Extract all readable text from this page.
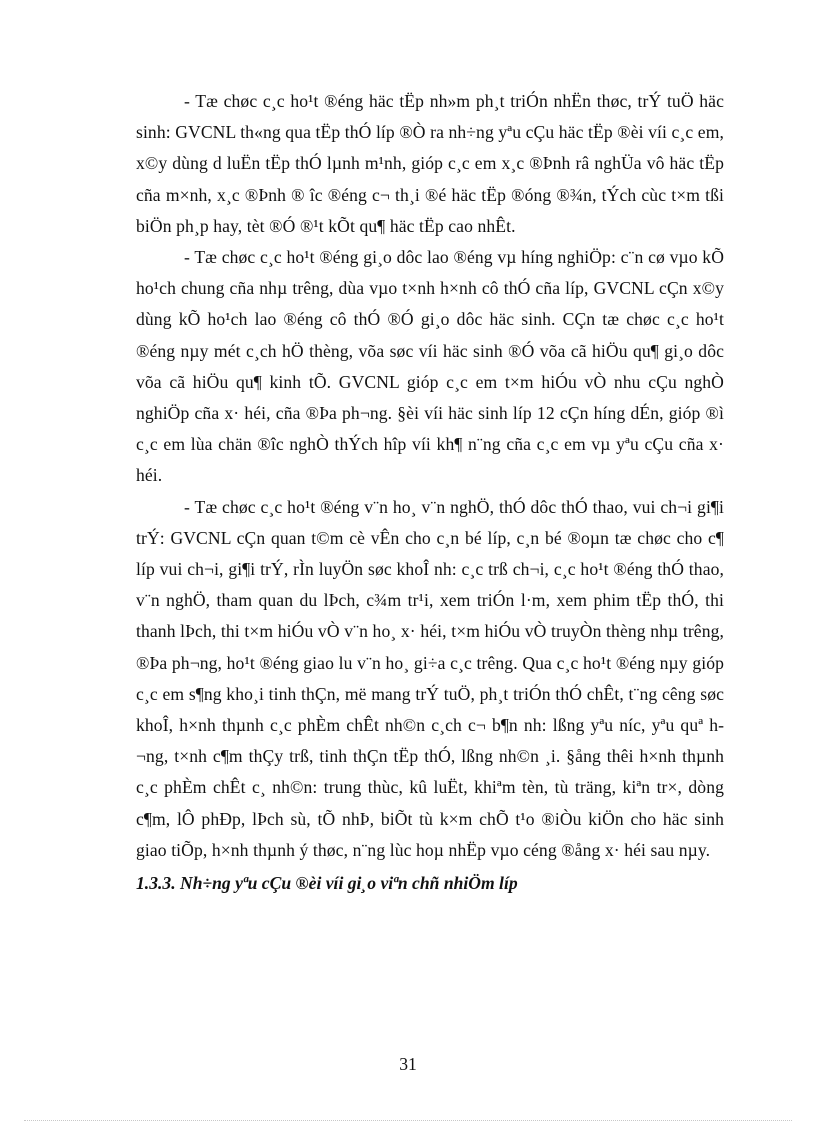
- Tæ chøc c¸c ho¹t ®éng häc tËp nh»m ph¸t triÓn nhËn thøc, trÝ tuÖ häc sinh: GVCNL th«ng qua tËp thÓ líp ®Ò ra nh÷ng yªu cÇu häc tËp ®èi víi c¸c em, x©y dùng d luËn tËp thÓ lµnh m¹nh, gióp c¸c em x¸c ®Þnh râ nghÜa vô häc tËp cña m×nh, x¸c ®Þnh ® îc ®éng c¬ th¸i ®é häc tËp ®óng ®¾n, tÝch cùc t×m tßi biÖn ph¸p hay, tèt ®Ó ®¹t kÕt qu¶ häc tËp cao nhÊt.

- Tæ chøc c¸c ho¹t ®éng gi¸o dôc lao ®éng vµ híng nghiÖp: c¨n cø vµo kÕ ho¹ch chung cña nhµ trêng, dùa vµo t×nh h×nh cô thÓ cña líp, GVCNL cÇn x©y dùng kÕ ho¹ch lao ®éng cô thÓ ®Ó gi¸o dôc häc sinh. CÇn tæ chøc c¸c ho¹t ®éng nµy mét c¸ch hÖ thèng, võa søc víi häc sinh ®Ó võa cã hiÖu qu¶ gi¸o dôc võa cã hiÖu qu¶ kinh tÕ. GVCNL gióp c¸c em t×m hiÓu vÒ nhu cÇu nghÒ nghiÖp cña x· héi, cña ®Þa ph¬ng. §èi víi häc sinh líp 12 cÇn híng dÉn, gióp ®ì c¸c em lùa chän ®îc nghÒ thÝch hîp víi kh¶ n¨ng cña c¸c em vµ yªu cÇu cña x· héi.

- Tæ chøc c¸c ho¹t ®éng v¨n ho¸ v¨n nghÖ, thÓ dôc thÓ thao, vui ch¬i gi¶i trÝ: GVCNL cÇn quan t©m cè vÊn cho c¸n bé líp, c¸n bé ®oµn tæ chøc cho c¶ líp vui ch¬i, gi¶i trÝ, rÌn luyÖn søc khoÎ nh: c¸c trß ch¬i, c¸c ho¹t ®éng thÓ thao, v¨n nghÖ, tham quan du lÞch, c¾m tr¹i, xem triÓn l·m, xem phim tËp thÓ, thi thanh lÞch, thi t×m hiÓu vÒ v¨n ho¸ x· héi, t×m hiÓu vÒ truyÒn thèng nhµ trêng, ®Þa ph¬ng, ho¹t ®éng giao lu v¨n ho¸ gi÷a c¸c trêng. Qua c¸c ho¹t ®éng nµy gióp c¸c em s¶ng kho¸i tinh thÇn, më mang trÝ tuÖ, ph¸t triÓn thÓ chÊt, t¨ng cêng søc khoÎ, h×nh thµnh c¸c phÈm chÊt nh©n c¸ch c¬ b¶n nh: lßng yªu níc, yªu quª h¬ng, t×nh c¶m thÇy trß, tinh thÇn tËp thÓ, lßng nh©n ¸i. §ång thêi h×nh thµnh c¸c phÈm chÊt c¸ nh©n: trung thùc, kû luËt, khiªm tèn, tù träng, kiªn tr×, dòng c¶m, lÔ phÐp, lÞch sù, tÕ nhÞ, biÕt tù k×m chÕ t¹o ®iÒu kiÖn cho häc sinh giao tiÕp, h×nh thµnh ý thøc, n¨ng lùc hoµ nhËp vµo céng ®ång x· héi sau nµy.

1.3.3. Nh÷ng yªu cÇu ®èi víi gi¸o viªn chñ nhiÖm líp

31
